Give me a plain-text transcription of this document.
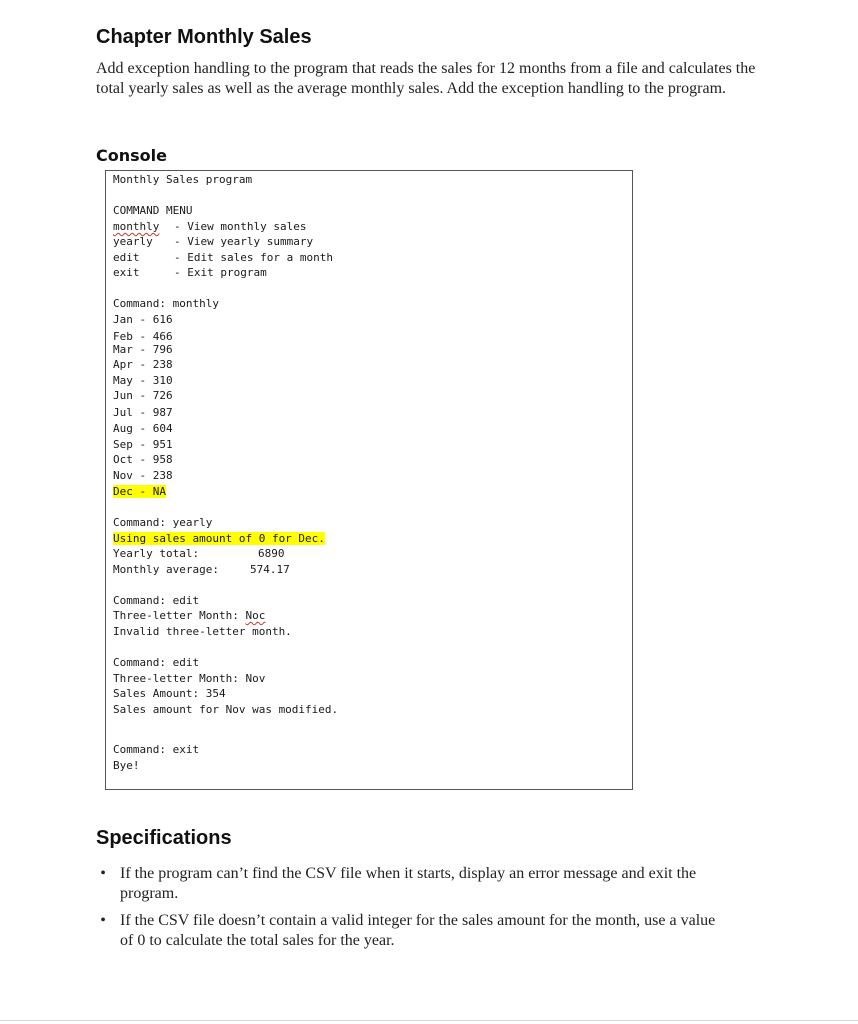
Chapter Monthly Sales
Add exception handling to the program that reads the sales for 12 months from a file and calculates the total yearly sales as well as the average monthly sales. Add the exception handling to the program.
Console
Monthly Sales program
COMMAND MENU
monthly - View monthly sales
yearly - View yearly summary
edit	- Edit sales for a month
exit	- Exit program
Command: monthly
Jan - 616
Feb - 466
Mar - 796
Apr - 238
May - 310
Jun - 726
Jul - 987
Aug - 604
Sep - 951
Oct - 958
Nov - 238
Dec - NA
Command: yearly
Using sales amount of 0 for Dec.
Yearly total:	6890
Monthly average:	574.17
Command: edit
Three-letter Month: Noc
Invalid three-letter month.
Command: edit
Three-letter Month: Nov
Sales Amount: 354
Sales amount for Nov was modified.
Command: exit
Bye!
Specifications
• If the program can’t find the CSV file when it starts, display an error message and exit the program.
• If the CSV file doesn’t contain a valid integer for the sales amount for the month, use a value of 0 to calculate the total sales for the year.
